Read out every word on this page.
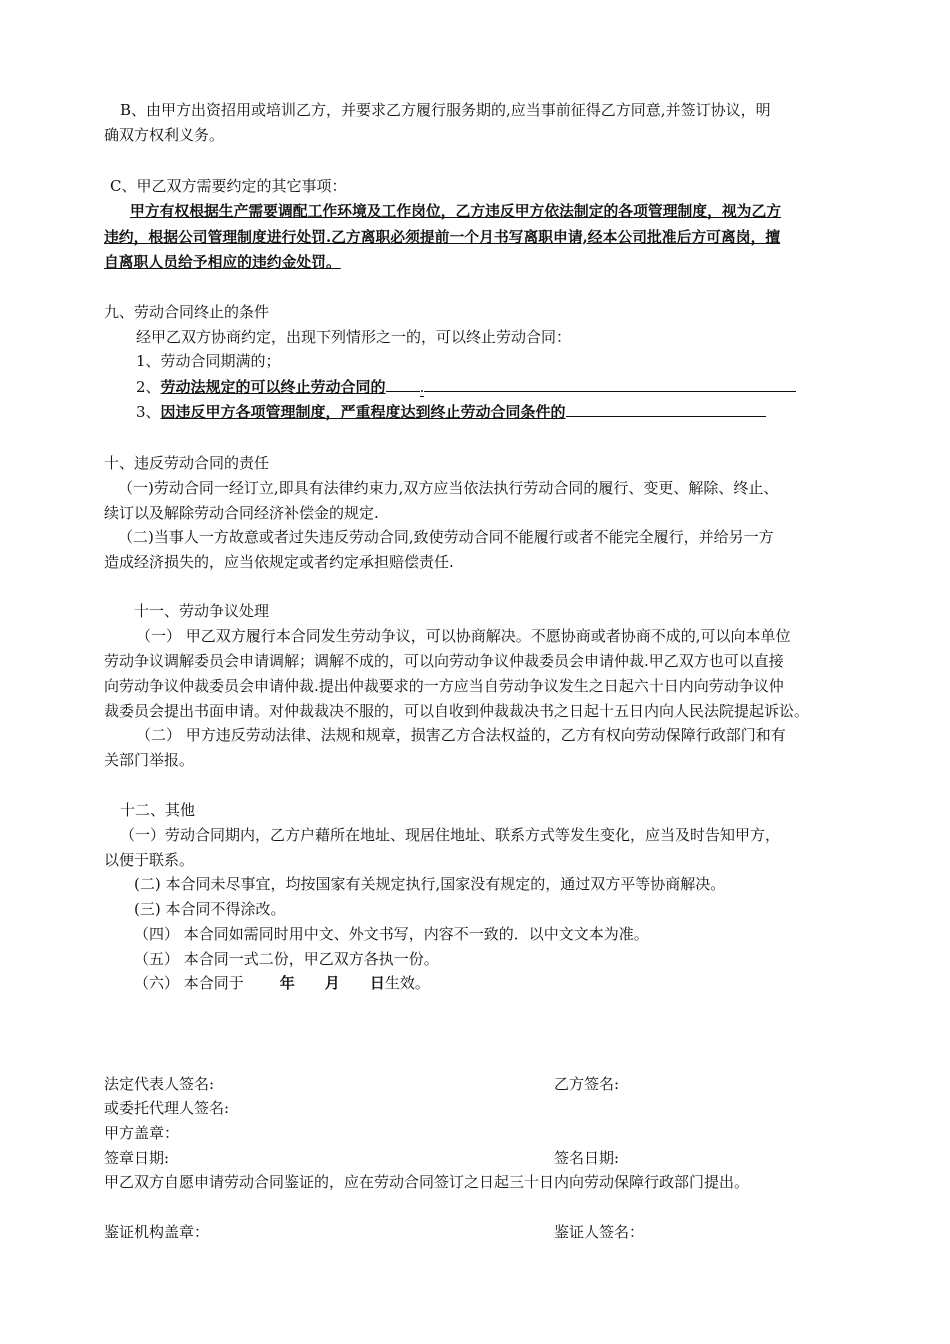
B、由甲方出资招用或培训乙方，并要求乙方履行服务期的,应当事前征得乙方同意,并签订协议，明
确双方权利义务。
C、甲乙双方需要约定的其它事项：
甲方有权根据生产需要调配工作环境及工作岗位，乙方违反甲方依法制定的各项管理制度，视为乙方
违约，根据公司管理制度进行处罚.乙方离职必须提前一个月书写离职申请,经本公司批准后方可离岗，擅
自离职人员给予相应的违约金处罚。
九、劳动合同终止的条件
经甲乙双方协商约定，出现下列情形之一的，可以终止劳动合同：
1、劳动合同期满的；
2、劳动法规定的可以终止劳动合同的 .
3、因违反甲方各项管理制度，严重程度达到终止劳动合同条件的
十、违反劳动合同的责任
（一)劳动合同一经订立,即具有法律约束力,双方应当依法执行劳动合同的履行、变更、解除、终止、
续订以及解除劳动合同经济补偿金的规定.
（二)当事人一方故意或者过失违反劳动合同,致使劳动合同不能履行或者不能完全履行，并给另一方
造成经济损失的，应当依规定或者约定承担赔偿责任.
十一、劳动争议处理
（一） 甲乙双方履行本合同发生劳动争议，可以协商解决。不愿协商或者协商不成的,可以向本单位
劳动争议调解委员会申请调解；调解不成的，可以向劳动争议仲裁委员会申请仲裁.甲乙双方也可以直接
向劳动争议仲裁委员会申请仲裁.提出仲裁要求的一方应当自劳动争议发生之日起六十日内向劳动争议仲
裁委员会提出书面申请。对仲裁裁决不服的，可以自收到仲裁裁决书之日起十五日内向人民法院提起诉讼。
（二） 甲方违反劳动法律、法规和规章，损害乙方合法权益的，乙方有权向劳动保障行政部门和有
关部门举报。
十二、其他
（一）劳动合同期内，乙方户藉所在地址、现居住地址、联系方式等发生变化，应当及时告知甲方，
以便于联系。
(二) 本合同未尽事宜，均按国家有关规定执行,国家没有规定的，通过双方平等协商解决。
(三) 本合同不得涂改。
（四） 本合同如需同时用中文、外文书写，内容不一致的．以中文文本为准。
（五） 本合同一式二份，甲乙双方各执一份。
（六） 本合同于 年 月 日生效。
法定代表人签名:	乙方签名:
或委托代理人签名:
甲方盖章：
签章日期:	签名日期:
甲乙双方自愿申请劳动合同鉴证的，应在劳动合同签订之日起三十日内向劳动保障行政部门提出。
鉴证机构盖章：	鉴证人签名：
